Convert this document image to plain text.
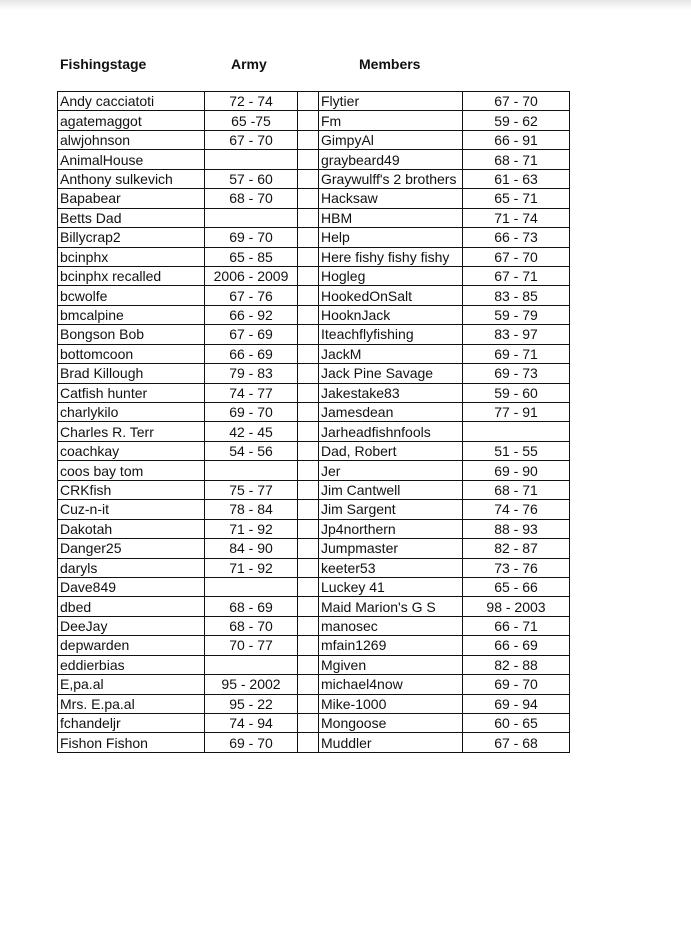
Fishingstage	Army	Members
Andy cacciatoti	72 - 74		Flytier	67 - 70
agatemaggot	65 -75		Fm	59 - 62
alwjohnson	67 - 70		GimpyAl	66 - 91
AnimalHouse			graybeard49	68 - 71
Anthony sulkevich	57 - 60		Graywulff's 2 brothers	61 - 63
Bapabear	68 - 70		Hacksaw	65 - 71
Betts Dad			HBM	71 - 74
Billycrap2	69 - 70		Help	66 - 73
bcinphx	65 - 85		Here fishy fishy fishy	67 - 70
bcinphx recalled	2006 - 2009		Hogleg	67 - 71
bcwolfe	67 - 76		HookedOnSalt	83 - 85
bmcalpine	66 - 92		HooknJack	59 - 79
Bongson Bob	67 - 69		Iteachflyfishing	83 - 97
bottomcoon	66 - 69		JackM	69 - 71
Brad Killough	79 - 83		Jack Pine Savage	69 - 73
Catfish hunter	74 - 77		Jakestake83	59 - 60
charlykilo	69 - 70		Jamesdean	77 - 91
Charles R. Terr	42 - 45		Jarheadfishnfools	
coachkay	54 - 56		Dad, Robert	51 - 55
coos bay tom			Jer	69 - 90
CRKfish	75 - 77		Jim Cantwell	68 - 71
Cuz-n-it	78 - 84		Jim Sargent	74 - 76
Dakotah	71 - 92		Jp4northern	88 - 93
Danger25	84 - 90		Jumpmaster	82 - 87
daryls	71 - 92		keeter53	73 - 76
Dave849			Luckey 41	65 - 66
dbed	68 - 69		Maid Marion's G S	98 - 2003
DeeJay	68 - 70		manosec	66 - 71
depwarden	70 - 77		mfain1269	66 - 69
eddierbias			Mgiven	82 - 88
E,pa.al	95 - 2002		michael4now	69 - 70
Mrs. E.pa.al	95 - 22		Mike-1000	69 - 94
fchandeljr	74 - 94		Mongoose	60 - 65
Fishon Fishon	69 - 70		Muddler	67 - 68
